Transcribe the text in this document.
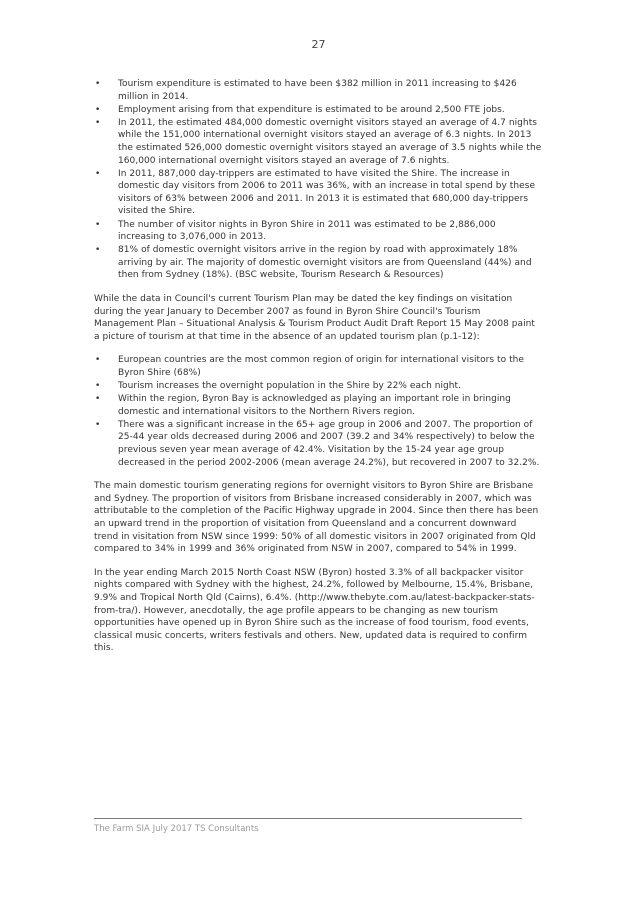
27
• Tourism expenditure is estimated to have been $382 million in 2011 increasing to $426 million in 2014.
• Employment arising from that expenditure is estimated to be around 2,500 FTE jobs.
• In 2011, the estimated 484,000 domestic overnight visitors stayed an average of 4.7 nights while the 151,000 international overnight visitors stayed an average of 6.3 nights. In 2013 the estimated 526,000 domestic overnight visitors stayed an average of 3.5 nights while the 160,000 international overnight visitors stayed an average of 7.6 nights.
• In 2011, 887,000 day-trippers are estimated to have visited the Shire. The increase in domestic day visitors from 2006 to 2011 was 36%, with an increase in total spend by these visitors of 63% between 2006 and 2011. In 2013 it is estimated that 680,000 day-trippers visited the Shire.
• The number of visitor nights in Byron Shire in 2011 was estimated to be 2,886,000 increasing to 3,076,000 in 2013.
• 81% of domestic overnight visitors arrive in the region by road with approximately 18% arriving by air. The majority of domestic overnight visitors are from Queensland (44%) and then from Sydney (18%). (BSC website, Tourism Research & Resources)

While the data in Council's current Tourism Plan may be dated the key findings on visitation during the year January to December 2007 as found in Byron Shire Council's Tourism Management Plan – Situational Analysis & Tourism Product Audit Draft Report 15 May 2008 paint a picture of tourism at that time in the absence of an updated tourism plan (p.1-12):

• European countries are the most common region of origin for international visitors to the Byron Shire (68%)
• Tourism increases the overnight population in the Shire by 22% each night.
• Within the region, Byron Bay is acknowledged as playing an important role in bringing domestic and international visitors to the Northern Rivers region.
• There was a significant increase in the 65+ age group in 2006 and 2007. The proportion of 25-44 year olds decreased during 2006 and 2007 (39.2 and 34% respectively) to below the previous seven year mean average of 42.4%. Visitation by the 15-24 year age group decreased in the period 2002-2006 (mean average 24.2%), but recovered in 2007 to 32.2%.

The main domestic tourism generating regions for overnight visitors to Byron Shire are Brisbane and Sydney. The proportion of visitors from Brisbane increased considerably in 2007, which was attributable to the completion of the Pacific Highway upgrade in 2004. Since then there has been an upward trend in the proportion of visitation from Queensland and a concurrent downward trend in visitation from NSW since 1999: 50% of all domestic visitors in 2007 originated from Qld compared to 34% in 1999 and 36% originated from NSW in 2007, compared to 54% in 1999.

In the year ending March 2015 North Coast NSW (Byron) hosted 3.3% of all backpacker visitor nights compared with Sydney with the highest, 24.2%, followed by Melbourne, 15.4%, Brisbane, 9.9% and Tropical North Qld (Cairns), 6.4%. (http://www.thebyte.com.au/latest-backpacker-stats-from-tra/). However, anecdotally, the age profile appears to be changing as new tourism opportunities have opened up in Byron Shire such as the increase of food tourism, food events, classical music concerts, writers festivals and others. New, updated data is required to confirm this.

The Farm SIA July 2017 TS Consultants
